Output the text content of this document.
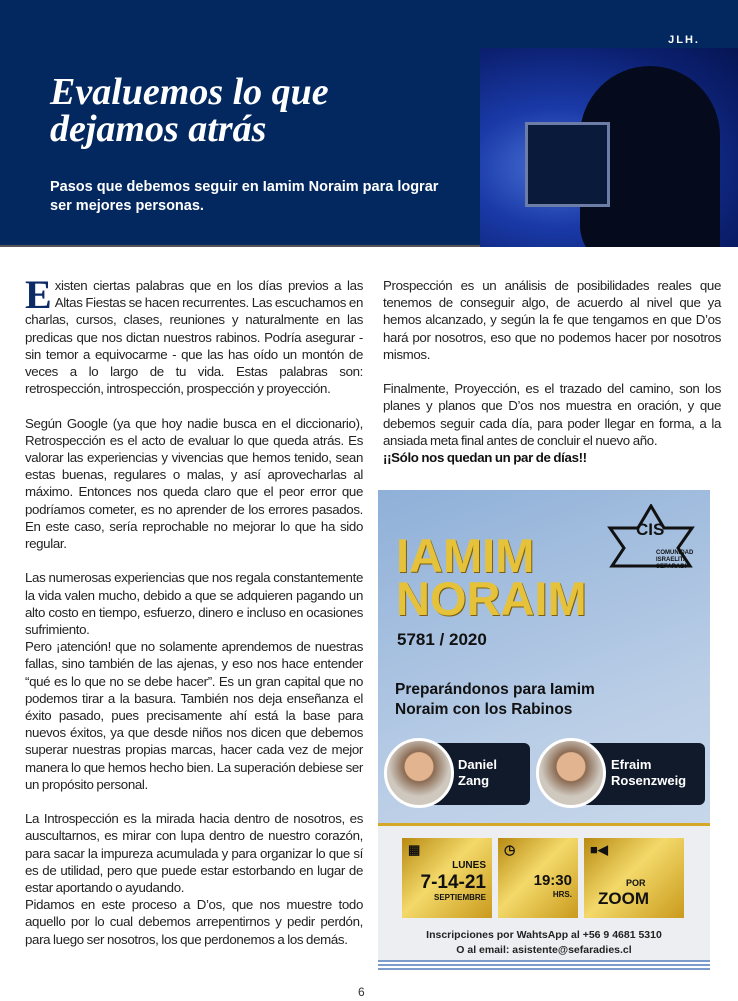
JLH.
Evaluemos lo que dejamos atrás
Pasos que debemos seguir en Iamim Noraim para lograr ser mejores personas.

Existen ciertas palabras que en los días previos a las Altas Fiestas se hacen recurrentes. Las escuchamos en charlas, cursos, clases, reuniones y naturalmente en las predicas que nos dictan nuestros rabinos. Podría asegurar - sin temor a equivocarme - que las has oído un montón de veces a lo largo de tu vida. Estas palabras son: retrospección, introspección, prospección y proyección.

Según Google (ya que hoy nadie busca en el diccionario), Retrospección es el acto de evaluar lo que queda atrás. Es valorar las experiencias y vivencias que hemos tenido, sean estas buenas, regulares o malas, y así aprovecharlas al máximo. Entonces nos queda claro que el peor error que podríamos cometer, es no aprender de los errores pasados. En este caso, sería reprochable no mejorar lo que ha sido regular.

Las numerosas experiencias que nos regala constantemente la vida valen mucho, debido a que se adquieren pagando un alto costo en tiempo, esfuerzo, dinero e incluso en ocasiones sufrimiento.

Pero ¡atención! que no solamente aprendemos de nuestras fallas, sino también de las ajenas, y eso nos hace entender “qué es lo que no se debe hacer”. Es un gran capital que no podemos tirar a la basura. También nos deja enseñanza el éxito pasado, pues precisamente ahí está la base para nuevos éxitos, ya que desde niños nos dicen que debemos superar nuestras propias marcas, hacer cada vez de mejor manera lo que hemos hecho bien. La superación debiese ser un propósito personal.

La Introspección es la mirada hacia dentro de nosotros, es auscultarnos, es mirar con lupa dentro de nuestro corazón, para sacar la impureza acumulada y para organizar lo que sí es de utilidad, pero que puede estar estorbando en lugar de estar aportando o ayudando.

Pidamos en este proceso a D’os, que nos muestre todo aquello por lo cual debemos arrepentirnos y pedir perdón, para luego ser nosotros, los que perdonemos a los demás.

Prospección es un análisis de posibilidades reales que tenemos de conseguir algo, de acuerdo al nivel que ya hemos alcanzado, y según la fe que tengamos en que D’os hará por nosotros, eso que no podemos hacer por nosotros mismos.

Finalmente, Proyección, es el trazado del camino, son los planes y planos que D’os nos muestra en oración, y que debemos seguir cada día, para poder llegar en forma, a la ansiada meta final antes de concluir el nuevo año.

¡¡Sólo nos quedan un par de días!!

CIS
COMUNIDAD
ISRAELITA
SEFARADI
IAMIM
NORAIM
5781 / 2020
Preparándonos para Iamim
Noraim con los Rabinos
Daniel
Zang
Efraim
Rosenzweig
▦
LUNES
7-14-21
SEPTIEMBRE
◷
19:30
HRS.
■◀
POR
ZOOM
Inscripciones por WahtsApp al +56 9 4681 5310
O al email: asistente@sefaradies.cl
6
